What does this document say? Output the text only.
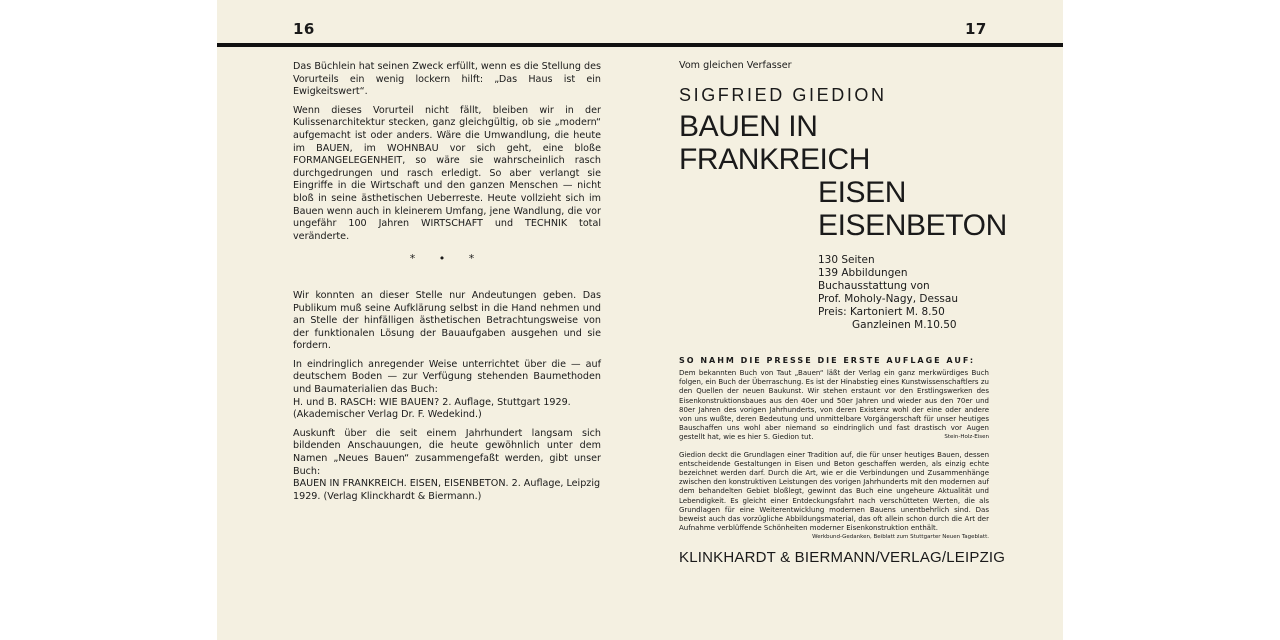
16	17

Das Büchlein hat seinen Zweck erfüllt, wenn es die Stellung des Vorurteils ein wenig lockern hilft: „Das Haus ist ein Ewigkeitswert“.

Wenn dieses Vorurteil nicht fällt, bleiben wir in der Kulissenarchitektur stecken, ganz gleichgültig, ob sie „modern“ aufgemacht ist oder anders. Wäre die Umwandlung, die heute im BAUEN, im WOHNBAU vor sich geht, eine bloße FORMANGELEGENHEIT, so wäre sie wahrscheinlich rasch durchgedrungen und rasch erledigt. So aber verlangt sie Eingriffe in die Wirtschaft und den ganzen Menschen — nicht bloß in seine ästhetischen Ueberreste. Heute vollzieht sich im Bauen wenn auch in kleinerem Umfang, jene Wandlung, die vor ungefähr 100 Jahren WIRTSCHAFT und TECHNIK total veränderte.

* • *

Wir konnten an dieser Stelle nur Andeutungen geben. Das Publikum muß seine Aufklärung selbst in die Hand nehmen und an Stelle der hinfälligen ästhetischen Betrachtungsweise von der funktionalen Lösung der Bauaufgaben ausgehen und sie fordern.

In eindringlich anregender Weise unterrichtet über die — auf deutschem Boden — zur Verfügung stehenden Baumethoden und Baumaterialien das Buch:

H. und B. RASCH: WIE BAUEN? 2. Auflage, Stuttgart 1929. (Akademischer Verlag Dr. F. Wedekind.)

Auskunft über die seit einem Jahrhundert langsam sich bildenden Anschauungen, die heute gewöhnlich unter dem Namen „Neues Bauen“ zusammengefaßt werden, gibt unser Buch:

BAUEN IN FRANKREICH. EISEN, EISENBETON. 2. Auflage, Leipzig 1929. (Verlag Klinckhardt & Biermann.)

Vom gleichen Verfasser
SIGFRIED GIEDION
BAUEN IN FRANKREICH
EISEN
EISENBETON
130 Seiten
139 Abbildungen
Buchausstattung von
Prof. Moholy-Nagy, Dessau
Preis: Kartoniert M. 8.50
Ganzleinen M.10.50
SO NAHM DIE PRESSE DIE ERSTE AUFLAGE AUF:
Dem bekannten Buch von Taut „Bauen“ läßt der Verlag ein ganz merkwürdiges Buch folgen, ein Buch der Überraschung. Es ist der Hinabstieg eines Kunstwissenschaftlers zu den Quellen der neuen Baukunst. Wir stehen erstaunt vor den Erstlingswerken des Eisenkonstruktionsbaues aus den 40er und 50er Jahren und wieder aus den 70er und 80er Jahren des vorigen Jahrhunderts, von deren Existenz wohl der eine oder andere von uns wußte, deren Bedeutung und unmittelbare Vorgängerschaft für unser heutiges Bauschaffen uns wohl aber niemand so eindringlich und fast drastisch vor Augen gestellt hat, wie es hier S. Giedion tut.	Stein-Holz-Eisen
Giedion deckt die Grundlagen einer Tradition auf, die für unser heutiges Bauen, dessen entscheidende Gestaltungen in Eisen und Beton geschaffen werden, als einzig echte bezeichnet werden darf. Durch die Art, wie er die Verbindungen und Zusammenhänge zwischen den konstruktiven Leistungen des vorigen Jahrhunderts mit den modernen auf dem behandelten Gebiet bloßlegt, gewinnt das Buch eine ungeheure Aktualität und Lebendigkeit. Es gleicht einer Entdeckungsfahrt nach verschütteten Werten, die als Grundlagen für eine Weiterentwicklung modernen Bauens unentbehrlich sind. Das beweist auch das vorzügliche Abbildungsmaterial, das oft allein schon durch die Art der Aufnahme verblüffende Schönheiten moderner Eisenkonstruktion enthält.
Werkbund-Gedanken, Beiblatt zum Stuttgarter Neuen Tageblatt.
KLINKHARDT & BIERMANN/VERLAG/LEIPZIG
